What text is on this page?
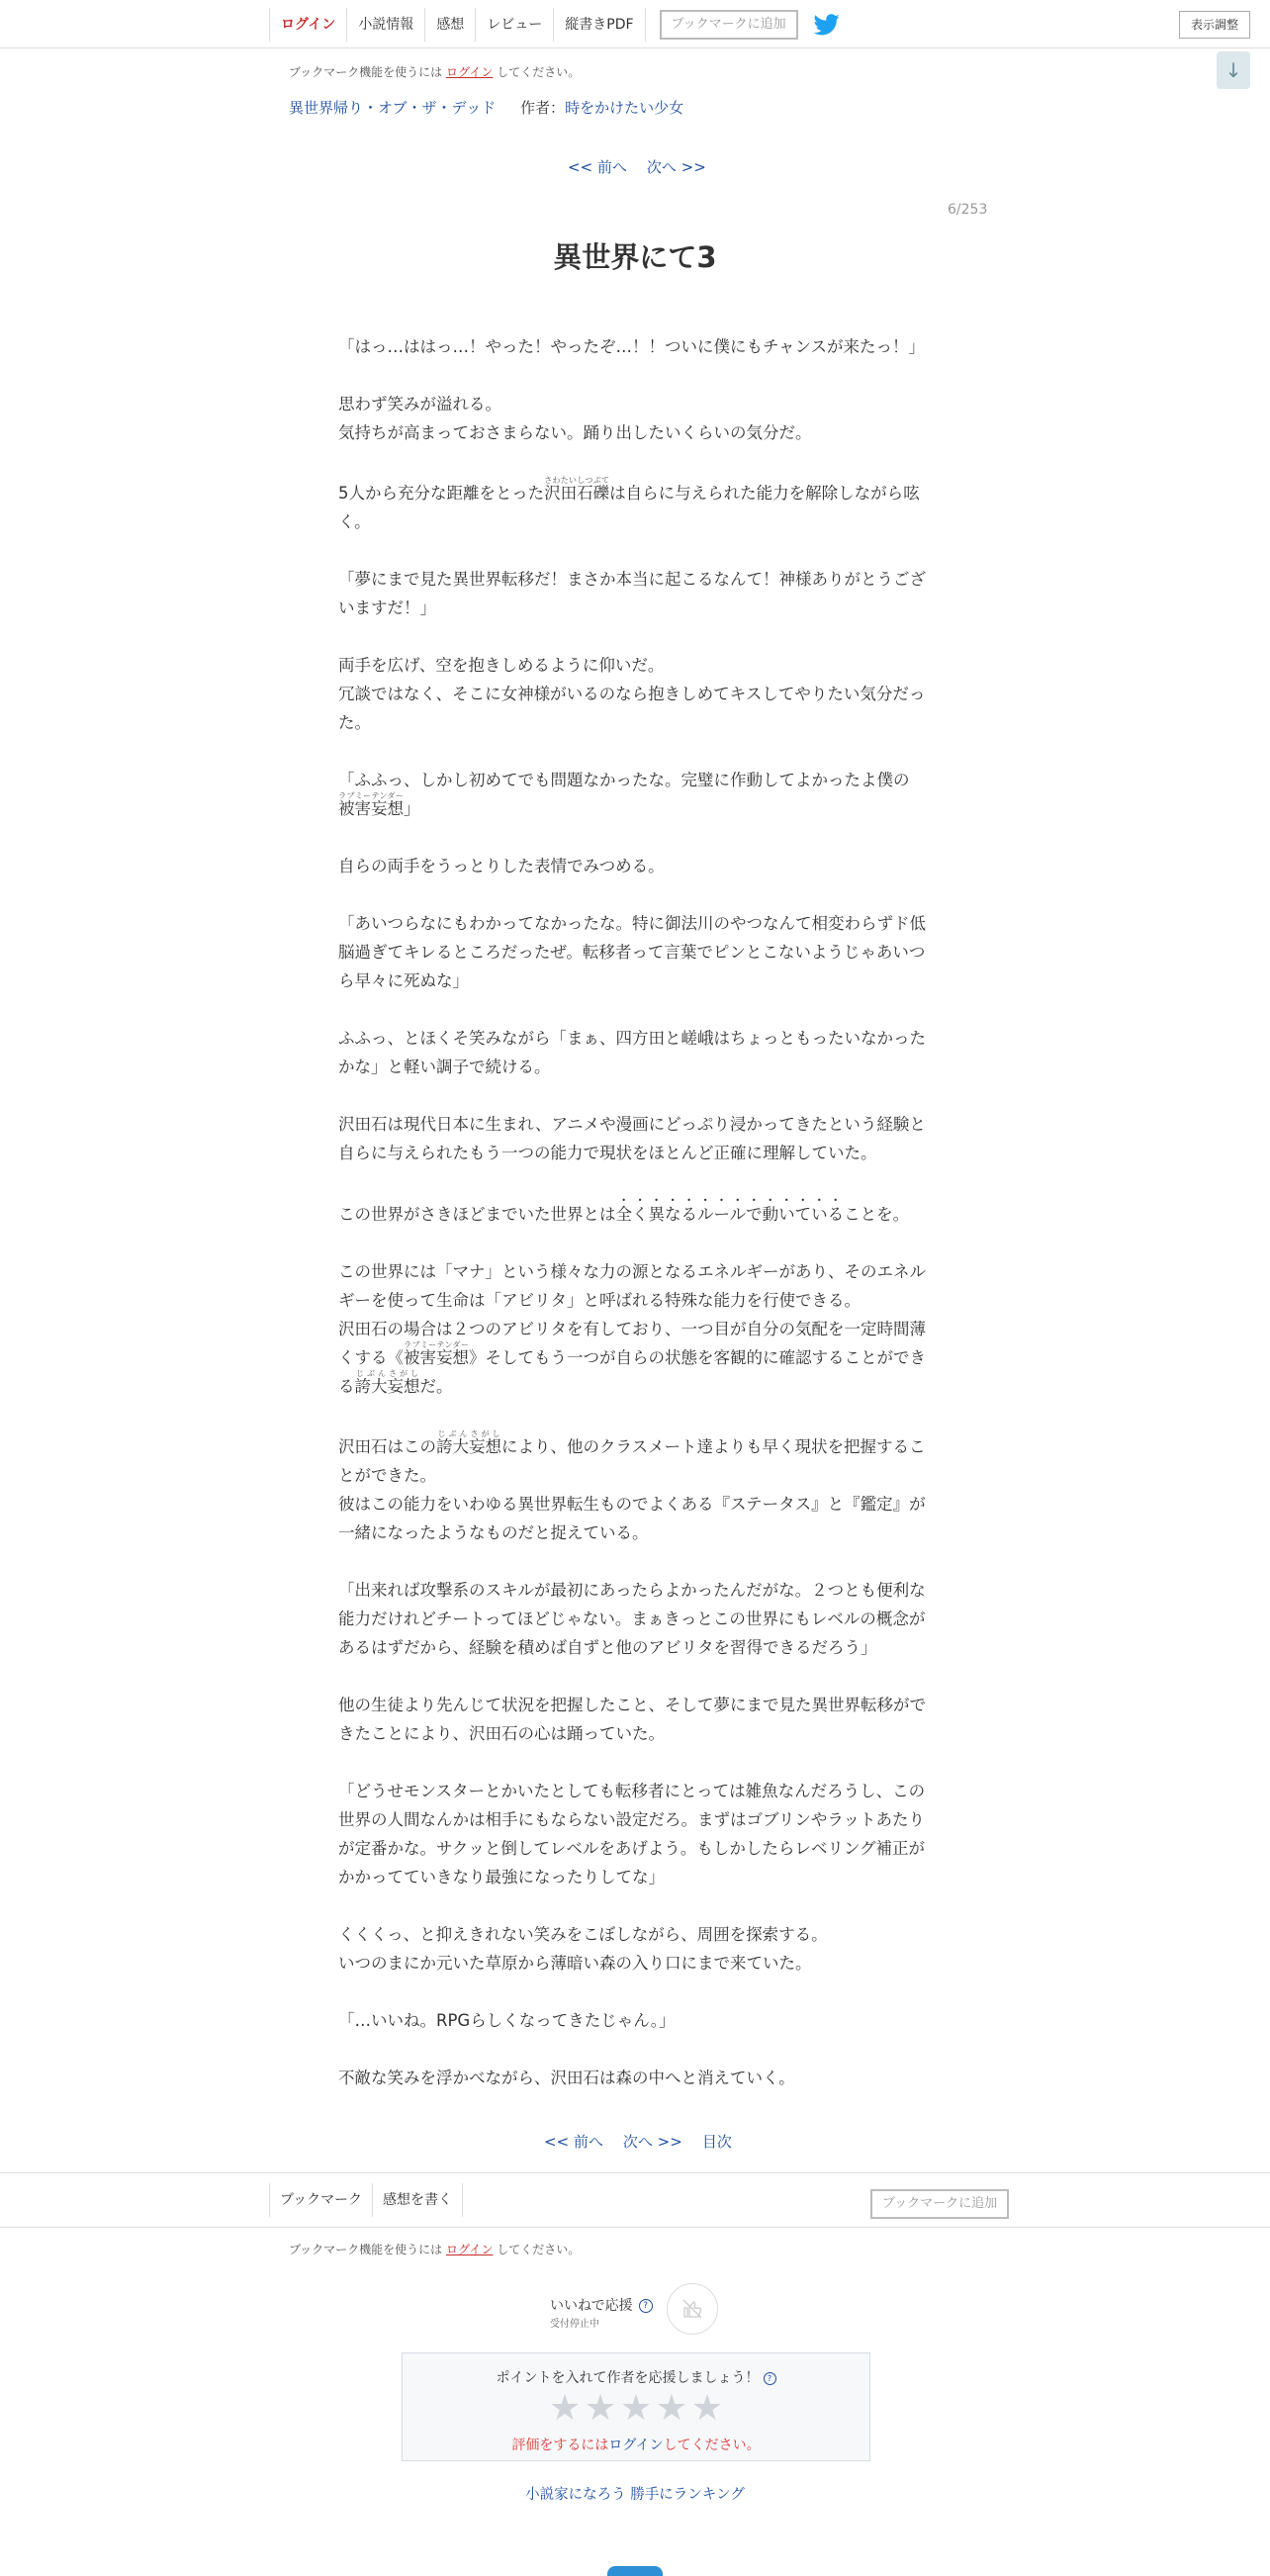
ログイン	小説情報	感想	レビュー	縦書きPDF	ブックマークに追加	表示調整
↓
ブックマーク機能を使うには ログイン してください。
異世界帰り・オブ・ザ・デッド 作者：時をかけたい少女
<< 前へ 次へ >>
6/253
異世界にて3

「はっ…ははっ…！やった！やったぞ…！！ついに僕にもチャンスが来たっ！」

思わず笑みが溢れる。

気持ちが高まっておさまらない。踊り出したいくらいの気分だ。

5人から充分な距離をとった沢田石礫さわたいしつぶては自らに与えられた能力を解除しながら呟く。

「夢にまで見た異世界転移だ！まさか本当に起こるなんて！神様ありがとうございますだ！」

両手を広げ、空を抱きしめるように仰いだ。

冗談ではなく、そこに女神様がいるのなら抱きしめてキスしてやりたい気分だった。

「ふふっ、しかし初めてでも問題なかったな。完璧に作動してよかったよ僕の被害妄想ラブミーテンダー」

自らの両手をうっとりした表情でみつめる。

「あいつらなにもわかってなかったな。特に御法川のやつなんて相変わらずド低脳過ぎてキレるところだったぜ。転移者って言葉でピンとこないようじゃあいつら早々に死ぬな」

ふふっ、とほくそ笑みながら「まぁ、四方田と嵯峨はちょっともったいなかったかな」と軽い調子で続ける。

沢田石は現代日本に生まれ、アニメや漫画にどっぷり浸かってきたという経験と自らに与えられたもう一つの能力で現状をほとんど正確に理解していた。

この世界がさきほどまでいた世界とは全く異なるルールで動いていることを。

この世界には「マナ」という様々な力の源となるエネルギーがあり、そのエネルギーを使って生命は「アビリタ」と呼ばれる特殊な能力を行使できる。

沢田石の場合は２つのアビリタを有しており、一つ目が自分の気配を一定時間薄くする《被害妄想ラブミーテンダー》そしてもう一つが自らの状態を客観的に確認することができる誇大妄想じぶんさがしだ。

沢田石はこの誇大妄想じぶんさがしにより、他のクラスメート達よりも早く現状を把握することができた。

彼はこの能力をいわゆる異世界転生ものでよくある『ステータス』と『鑑定』が一緒になったようなものだと捉えている。

「出来れば攻撃系のスキルが最初にあったらよかったんだがな。２つとも便利な能力だけれどチートってほどじゃない。まぁきっとこの世界にもレベルの概念があるはずだから、経験を積めば自ずと他のアビリタを習得できるだろう」

他の生徒より先んじて状況を把握したこと、そして夢にまで見た異世界転移ができたことにより、沢田石の心は踊っていた。

「どうせモンスターとかいたとしても転移者にとっては雑魚なんだろうし、この世界の人間なんかは相手にもならない設定だろ。まずはゴブリンやラットあたりが定番かな。サクッと倒してレベルをあげよう。もしかしたらレベリング補正がかかってていきなり最強になったりしてな」

くくくっ、と抑えきれない笑みをこぼしながら、周囲を探索する。

いつのまにか元いた草原から薄暗い森の入り口にまで来ていた。

「…いいね。RPGらしくなってきたじゃん。」

不敵な笑みを浮かべながら、沢田石は森の中へと消えていく。

<< 前へ 次へ >> 目次
ブックマーク	感想を書く	ブックマークに追加
ブックマーク機能を使うには ログイン してください。
いいねで応援 ?
受付停止中
ポイントを入れて作者を応援しましょう！ ?
★ ★ ★ ★ ★
評価をするにはログインしてください。
小説家になろう 勝手にランキング
